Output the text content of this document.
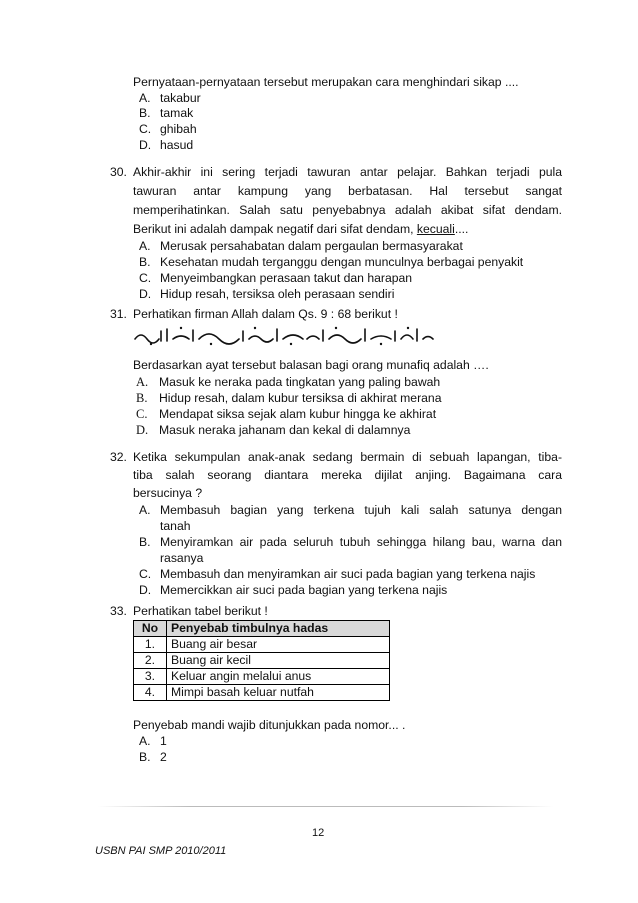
Pernyataan-pernyataan tersebut merupakan cara menghindari sikap ....
A. takabur
B. tamak
C. ghibah
D. hasud
30. Akhir-akhir ini sering terjadi tawuran antar pelajar. Bahkan terjadi pula
tawuran antar kampung yang berbatasan. Hal tersebut sangat
memperihatinkan. Salah satu penyebabnya adalah akibat sifat dendam.
Berikut ini adalah dampak negatif dari sifat dendam, kecuali....
A. Merusak persahabatan dalam pergaulan bermasyarakat
B. Kesehatan mudah terganggu dengan munculnya berbagai penyakit
C. Menyeimbangkan perasaan takut dan harapan
D. Hidup resah, tersiksa oleh perasaan sendiri
31. Perhatikan firman Allah dalam Qs. 9 : 68 berikut !
Berdasarkan ayat tersebut balasan bagi orang munafiq adalah ….
A. Masuk ke neraka pada tingkatan yang paling bawah
B. Hidup resah, dalam kubur tersiksa di akhirat merana
C. Mendapat siksa sejak alam kubur hingga ke akhirat
D. Masuk neraka jahanam dan kekal di dalamnya
32. Ketika sekumpulan anak-anak sedang bermain di sebuah lapangan, tiba-
tiba salah seorang diantara mereka dijilat anjing. Bagaimana cara
bersucinya ?
A. Membasuh bagian yang terkena tujuh kali salah satunya dengan
tanah
B. Menyiramkan air pada seluruh tubuh sehingga hilang bau, warna dan
rasanya
C. Membasuh dan menyiramkan air suci pada bagian yang terkena najis
D. Memercikkan air suci pada bagian yang terkena najis
33. Perhatikan tabel berikut !
No	Penyebab timbulnya hadas
1.	Buang air besar
2.	Buang air kecil
3.	Keluar angin melalui anus
4.	Mimpi basah keluar nutfah
Penyebab mandi wajib ditunjukkan pada nomor... .
A. 1
B. 2
12
USBN PAI SMP 2010/2011
